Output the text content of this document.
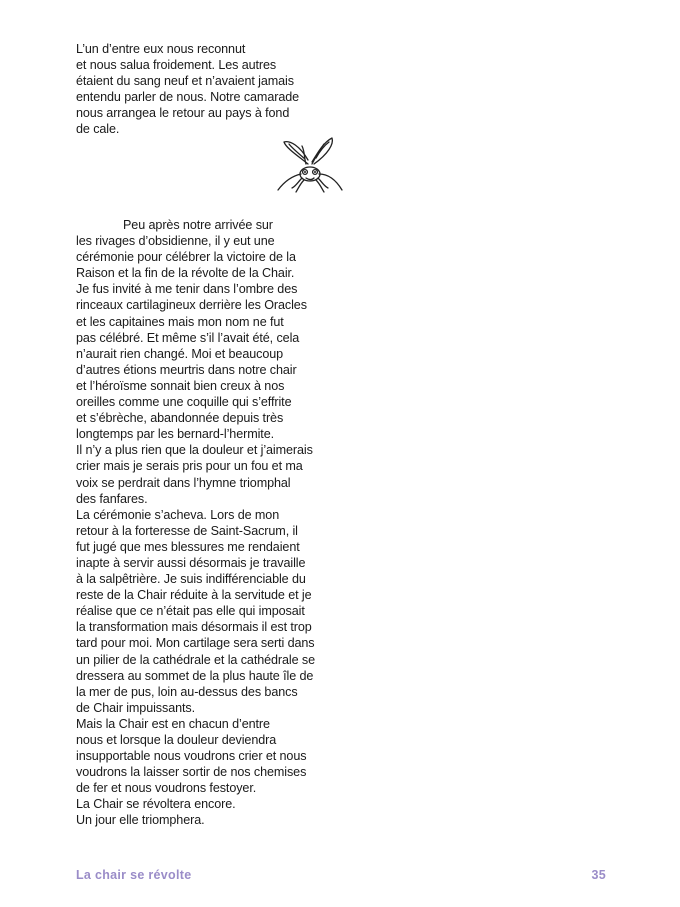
L’un d’entre eux nous reconnut
et nous salua froidement. Les autres
étaient du sang neuf et n’avaient jamais
entendu parler de nous. Notre camarade
nous arrangea le retour au pays à fond
de cale.
Peu après notre arrivée sur
les rivages d’obsidienne, il y eut une
cérémonie pour célébrer la victoire de la
Raison et la fin de la révolte de la Chair.
Je fus invité à me tenir dans l’ombre des
rinceaux cartilagineux derrière les Oracles
et les capitaines mais mon nom ne fut
pas célébré. Et même s’il l’avait été, cela
n’aurait rien changé. Moi et beaucoup
d’autres étions meurtris dans notre chair
et l’héroïsme sonnait bien creux à nos
oreilles comme une coquille qui s’effrite
et s’ébrèche, abandonnée depuis très
longtemps par les bernard-l’hermite.
Il n’y a plus rien que la douleur et j’aimerais
crier mais je serais pris pour un fou et ma
voix se perdrait dans l’hymne triomphal
des fanfares.
La cérémonie s’acheva. Lors de mon
retour à la forteresse de Saint-Sacrum, il
fut jugé que mes blessures me rendaient
inapte à servir aussi désormais je travaille
à la salpêtrière. Je suis indifférenciable du
reste de la Chair réduite à la servitude et je
réalise que ce n’était pas elle qui imposait
la transformation mais désormais il est trop
tard pour moi. Mon cartilage sera serti dans
un pilier de la cathédrale et la cathédrale se
dressera au sommet de la plus haute île de
la mer de pus, loin au-dessus des bancs
de Chair impuissants.
Mais la Chair est en chacun d’entre
nous et lorsque la douleur deviendra
insupportable nous voudrons crier et nous
voudrons la laisser sortir de nos chemises
de fer et nous voudrons festoyer.
La Chair se révoltera encore.
Un jour elle triomphera.
La chair se révolte	35
